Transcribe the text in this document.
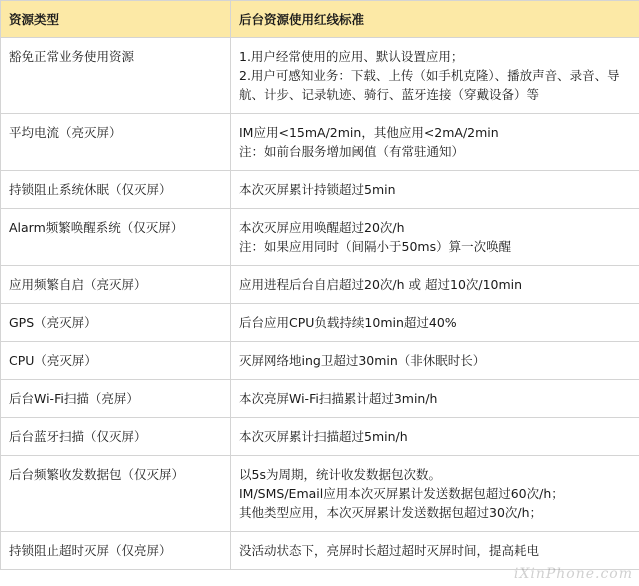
资源类型	后台资源使用红线标准

豁免正常业务使用资源	1.用户经常使用的应用、默认设置应用；
2.用户可感知业务：下载、上传（如手机克隆）、播放声音、录音、导航、计步、记录轨迹、骑行、蓝牙连接（穿戴设备）等

平均电流（亮灭屏）	IM应用<15mA/2min，其他应用<2mA/2min
注：如前台服务增加阈值（有常驻通知）

持锁阻止系统休眠（仅灭屏）	本次灭屏累计持锁超过5min

Alarm频繁唤醒系统（仅灭屏）	本次灭屏应用唤醒超过20次/h
注：如果应用同时（间隔小于50ms）算一次唤醒

应用频繁自启（亮灭屏）	应用进程后台自启超过20次/h 或 超过10次/10min

GPS（亮灭屏）	后台应用CPU负载持续10min超过40%

CPU（亮灭屏）	灭屏网络地ing卫超过30min（非休眠时长）

后台Wi-Fi扫描（亮屏）	本次亮屏Wi-Fi扫描累计超过3min/h

后台蓝牙扫描（仅灭屏）	本次灭屏累计扫描超过5min/h

后台频繁收发数据包（仅灭屏）	以5s为周期，统计收发数据包次数。
IM/SMS/Email应用本次灭屏累计发送数据包超过60次/h；
其他类型应用，本次灭屏累计发送数据包超过30次/h；

持锁阻止超时灭屏（仅亮屏）	没活动状态下，亮屏时长超过超时灭屏时间，提高耗电
iXinPhone.com
